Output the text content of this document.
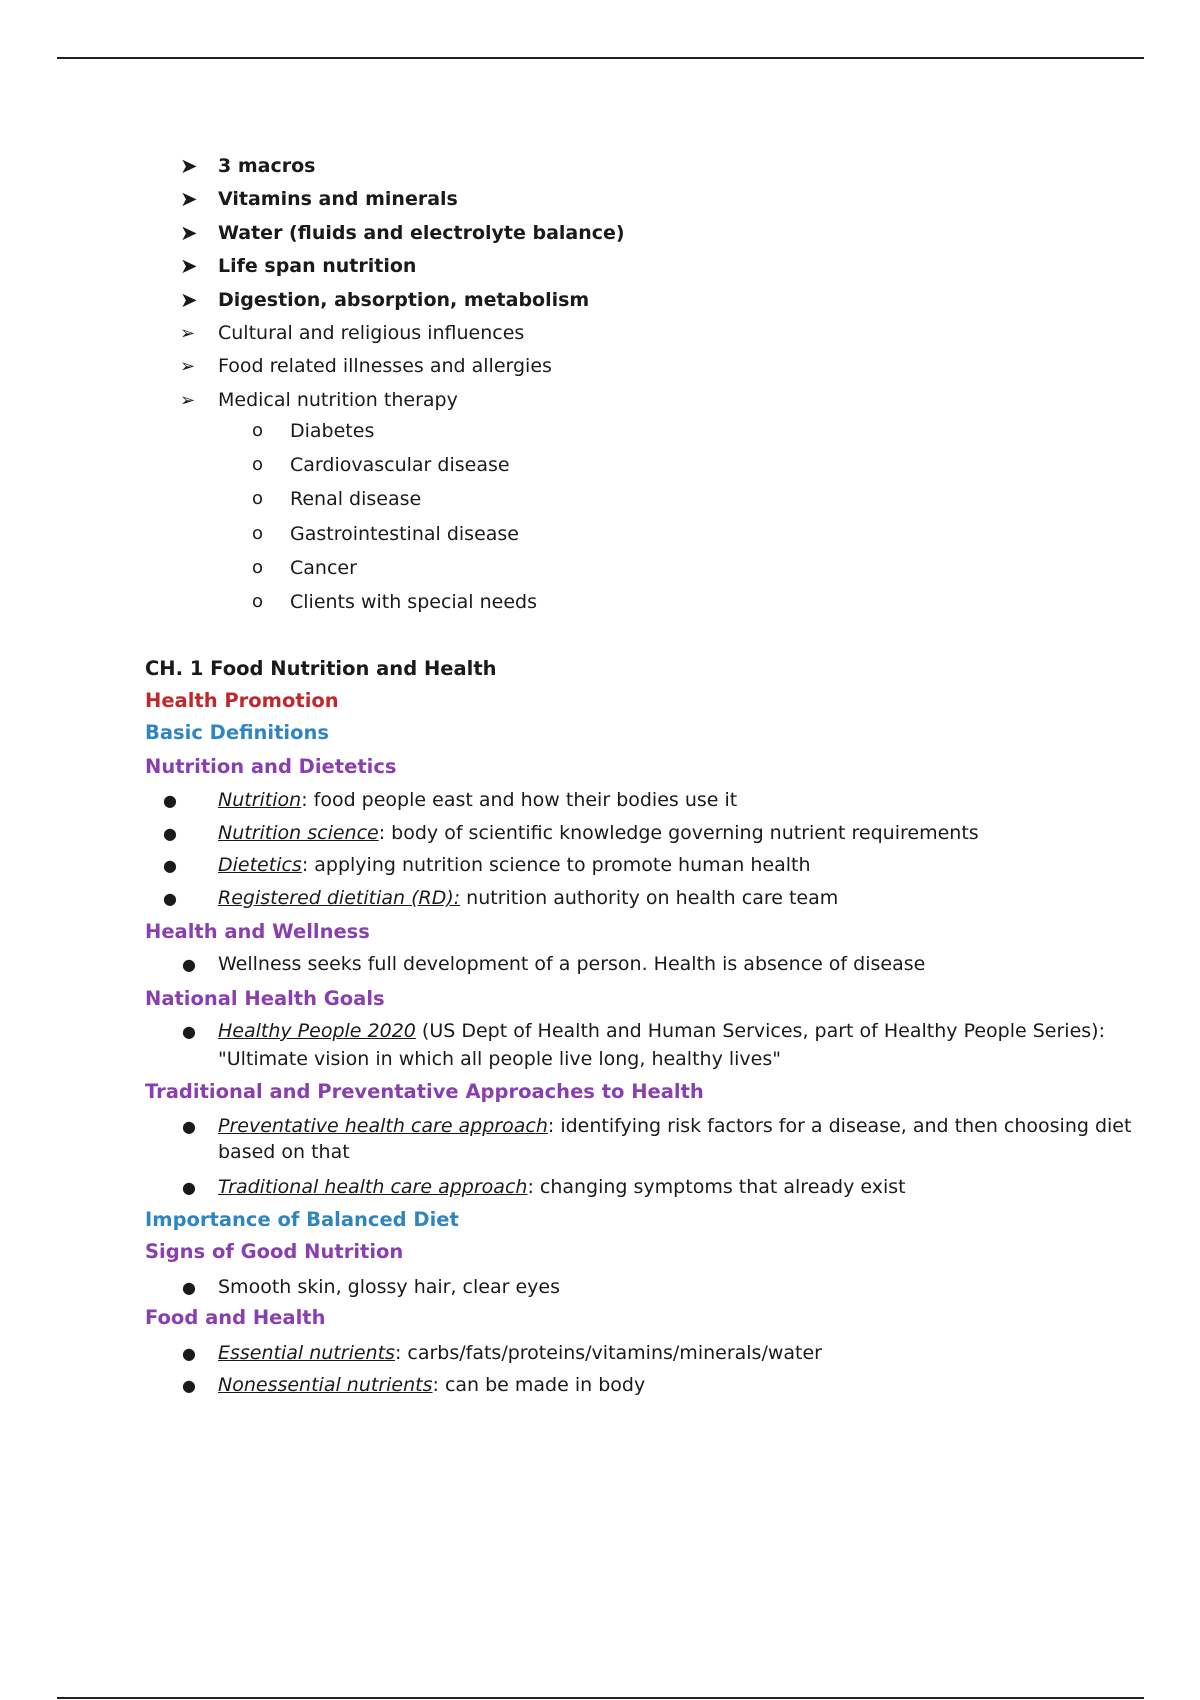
➤ 3 macros
➤ Vitamins and minerals
➤ Water (fluids and electrolyte balance)
➤ Life span nutrition
➤ Digestion, absorption, metabolism
➢ Cultural and religious influences
➢ Food related illnesses and allergies
➢ Medical nutrition therapy
o Diabetes
o Cardiovascular disease
o Renal disease
o Gastrointestinal disease
o Cancer
o Clients with special needs
CH. 1 Food Nutrition and Health
Health Promotion
Basic Definitions
Nutrition and Dietetics
● Nutrition: food people east and how their bodies use it
● Nutrition science: body of scientific knowledge governing nutrient requirements
● Dietetics: applying nutrition science to promote human health
● Registered dietitian (RD): nutrition authority on health care team
Health and Wellness
● Wellness seeks full development of a person. Health is absence of disease
National Health Goals
● Healthy People 2020 (US Dept of Health and Human Services, part of Healthy People Series):
"Ultimate vision in which all people live long, healthy lives"
Traditional and Preventative Approaches to Health
● Preventative health care approach: identifying risk factors for a disease, and then choosing diet
based on that
● Traditional health care approach: changing symptoms that already exist
Importance of Balanced Diet
Signs of Good Nutrition
● Smooth skin, glossy hair, clear eyes
Food and Health
● Essential nutrients: carbs/fats/proteins/vitamins/minerals/water
● Nonessential nutrients: can be made in body
